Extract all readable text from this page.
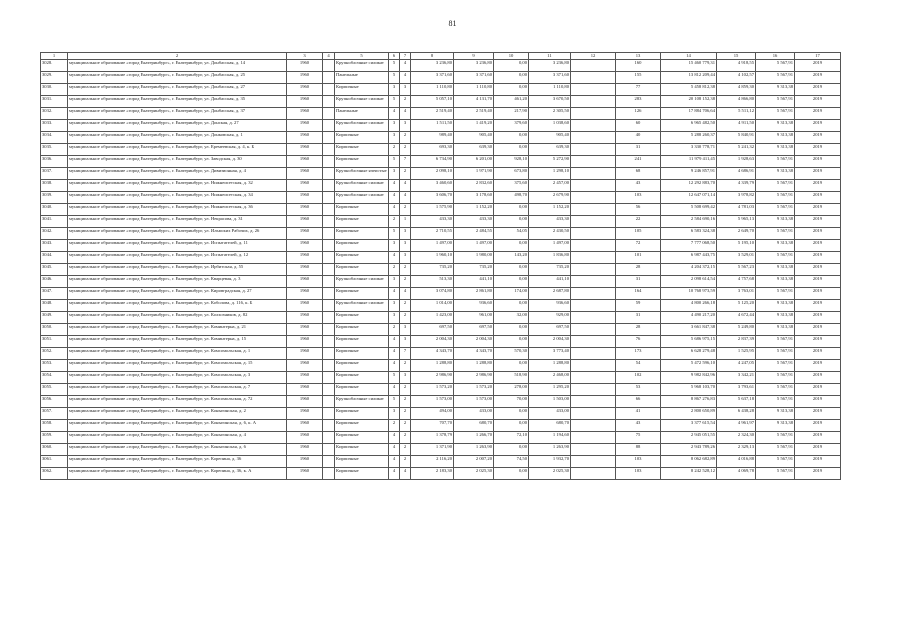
81
1	2	3	4	5	6	7	8	9	10	11	12	13	14	15	16	17
3028.	муниципальное образование «город Екатеринбург», г. Екатеринбург, ул. Донбасская, д. 14	1960		Крупноблочные силикат	5	4	3 236,80	3 236,80	0,00	3 236,80		160	15 460 779,31	4 918,55	5 567,91	2019
3029.	муниципальное образование «город Екатеринбург», г. Екатеринбург, ул. Донбасская, д. 25	1960		Панельные	5	4	3 371,60	3 371,60	0,00	3 371,60		155	13 812 209,44	4 102,57	5 567,91	2019
3030.	муниципальное образование «город Екатеринбург», г. Екатеринбург, ул. Донбасская, д. 27	1960		Кирпичные	3	3	1 110,80	1 110,80	0,00	1 110,80		77	5 458 812,38	4 859,30	9 313,38	2019
3031.	муниципальное образование «город Екатеринбург», г. Екатеринбург, ул. Донбасская, д. 35	1960		Крупноблочные силикат	5	2	5 057,10	4 131,70	461,20	3 670,50		283	20 108 152,38	4 866,80	5 567,91	2019
3032.	муниципальное образование «город Екатеринбург», г. Екатеринбург, ул. Донбасская, д. 37	1960		Панельные	4	4	2 519,40	2 519,40	217,90	2 305,50		126	17 884 706,64	5 511,12	5 567,91	2019
3033.	муниципальное образование «город Екатеринбург», г. Екатеринбург, ул. Донская, д. 27	1960		Крупноблочные силикат	3	3	1 511,50	1 419,20	379,60	1 038,60		60	6 965 482,50	4 911,50	9 313,38	2019
3034.	муниципальное образование «город Екатеринбург», г. Екатеринбург, ул. Донковская, д. 1	1960		Кирпичные	3	2	989,40	905,40	0,00	905,40		40	5 288 260,37	5 840,91	9 313,38	2019
3035.	муниципальное образование «город Екатеринбург», г. Екатеринбург, ул. Еремеевская, д. 4, к. Б	1960		Кирпичные	2	2	693,30	639,30	0,00	639,30		31	3 330 778,71	5 241,32	9 313,38	2019
3036.	муниципальное образование «город Екатеринбург», г. Екатеринбург, ул. Заводская, д. 30	1960		Кирпичные	5	7	6 734,90	6 201,00	928,10	5 272,90		241	11 979 411,45	1 928,63	5 567,91	2019
3037.	муниципальное образование «город Екатеринбург», г. Екатеринбург, ул. Дивизионная, д. 4	1960		Крупноблочные ячеистые	3	2	2 098,10	1 971,90	673,80	1 298,10		68	9 246 857,91	4 686,91	9 313,38	2019
3038.	муниципальное образование «город Екатеринбург», г. Екатеринбург, ул. Нижнеисетская, д. 32	1960		Крупноблочные силикат	4	4	3 460,60	2 832,60	375,60	2 457,00		43	12 292 883,70	4 339,79	5 567,91	2019
3039.	муниципальное образование «город Екатеринбург», г. Екатеринбург, ул. Нижнеисетская, д. 34	1960		Крупноблочные силикат	4	4	3 606,70	3 178,60	498,70	2 679,90		103	12 647 071,14	3 978,82	5 567,91	2019
3040.	муниципальное образование «город Екатеринбург», г. Екатеринбург, ул. Нижнеисетская, д. 36	1960		Кирпичные	4	2	1 575,90	1 152,20	0,00	1 152,20		56	5 508 699,42	4 781,03	5 567,91	2019
3041.	муниципальное образование «город Екатеринбург», г. Екатеринбург, ул. Некрасова, д. 31	1960		Кирпичные	2	1	433,30	433,30	0,00	433,30		22	2 584 690,16	5 965,13	9 313,38	2019
3042.	муниципальное образование «город Екатеринбург», г. Екатеринбург, ул. Ильмских Рабочих, д. 26	1960		Кирпичные	5	3	2 710,55	2 484,55	54,05	2 430,50		105	6 583 324,38	2 649,70	5 567,91	2019
3043.	муниципальное образование «город Екатеринбург», г. Екатеринбург, ул. Испытателей, д. 11	1960		Кирпичные	3	3	1 497,00	1 497,00	0,00	1 497,00		72	7 777 068,50	5 195,10	9 313,38	2019
3044.	муниципальное образование «город Екатеринбург», г. Екатеринбург, ул. Испытателей, д. 12	1960		Кирпичные	4	3	1 960,10	1 980,00	143,20	1 836,80		101	6 987 443,75	3 529,01	5 567,91	2019
3045.	муниципальное образование «город Екатеринбург», г. Екатеринбург, ул. Ирбитская, д. 55	1960		Кирпичные	2	2	735,20	735,20	0,00	735,20		28	4 204 372,15	5 567,23	9 313,38	2019
3046.	муниципальное образование «город Екатеринбург», г. Екатеринбург, ул. Кварцевая, д. 3	1960		Крупноблочные силикат	3	2	513,30	441,10	0,00	441,10		31	2 098 614,54	4 757,68	9 313,38	2019
3047.	муниципальное образование «город Екатеринбург», г. Екатеринбург, ул. Кировградская, д. 27	1960		Кирпичные	4	4	3 074,80	2 861,80	174,00	2 687,80		164	10 768 973,59	3 763,01	5 567,91	2019
3048.	муниципальное образование «город Екатеринбург», г. Екатеринбург, ул. Коболова, д. 116, к. Б	1960		Крупноблочные силикат	3	2	1 014,00	936,60	0,00	936,60		59	4 800 266,18	5 125,20	9 313,38	2019
3049.	муниципальное образование «город Екатеринбург», г. Екатеринбург, ул. Колхозников, д. 82	1960		Кирпичные	3	2	1 423,00	961,00	32,00	929,00		31	4 490 217,20	4 672,44	9 313,38	2019
3050.	муниципальное образование «город Екатеринбург», г. Екатеринбург, ул. Коминтерна, д. 21	1960		Кирпичные	2	3	697,50	697,50	0,00	697,50		28	3 661 847,38	5 249,80	9 313,38	2019
3051.	муниципальное образование «город Екатеринбург», г. Екатеринбург, ул. Коминтерна, д. 15	1960		Кирпичные	4	3	2 004,30	2 004,30	0,00	2 004,30		76	5 686 975,15	2 837,39	5 567,91	2019
3052.	муниципальное образование «город Екатеринбург», г. Екатеринбург, ул. Комсомольская, д. 1	1960		Кирпичные	4	7	4 343,70	4 343,70	570,30	3 773,40		173	6 628 279,48	1 525,95	5 567,91	2019
3053.	муниципальное образование «город Екатеринбург», г. Екатеринбург, ул. Комсомольская, д. 15	1960		Кирпичные	4	2	1 288,80	1 288,80	0,00	1 288,80		54	5 472 596,10	4 247,05	5 567,91	2019
3054.	муниципальное образование «город Екатеринбург», г. Екатеринбург, ул. Комсомольская, д. 3	1960		Кирпичные	5	3	2 986,90	2 986,90	518,90	2 468,00		102	9 982 842,96	3 342,21	5 567,91	2019
3055.	муниципальное образование «город Екатеринбург», г. Екатеринбург, ул. Комсомольская, д. 7	1960		Кирпичные	4	2	1 573,20	1 573,20	278,00	1 295,20		53	5 968 103,70	3 793,61	5 567,91	2019
3056.	муниципальное образование «город Екатеринбург», г. Екатеринбург, ул. Комсомольская, д. 72	1960		Крупноблочные силикат	5	2	1 573,00	1 573,00	70,00	1 503,00		66	8 867 276,83	5 637,18	5 567,91	2019
3057.	муниципальное образование «город Екатеринбург», г. Екатеринбург, ул. Коныгинская, д. 2	1960		Кирпичные	3	2	494,00	433,00	0,00	433,00		41	2 800 650,89	6 438,28	9 313,38	2019
3058.	муниципальное образование «город Екатеринбург», г. Екатеринбург, ул. Коныгинская, д. 6, к. А	1960		Кирпичные	2	2	707,70	680,70	0,00	680,70		43	3 377 615,54	4 961,97	9 313,38	2019
3059.	муниципальное образование «город Екатеринбург», г. Екатеринбург, ул. Коныгинская, д. 4	1960		Кирпичные	4	2	1 378,79	1 266,70	72,10	1 194,60		75	2 945 051,55	2 324,30	5 567,91	2019
3060.	муниципальное образование «город Екатеринбург», г. Екатеринбург, ул. Коныгинская, д. 6	1960		Кирпичные	4	2	1 371,90	1 263,90	0,00	1 263,90		88	2 943 789,26	2 329,13	5 567,91	2019
3061.	муниципальное образование «город Екатеринбург», г. Екатеринбург, ул. Корепина, д. 36	1960		Кирпичные	4	2	2 116,20	2 007,20	74,50	1 932,70		103	8 062 682,89	4 016,88	5 567,91	2019
3062.	муниципальное образование «город Екатеринбург», г. Екатеринбург, ул. Корепина, д. 36, к. А	1960		Кирпичные	4	4	2 183,30	2 025,30	0,00	2 025,30		103	8 242 528,12	4 069,78	5 567,91	2019
